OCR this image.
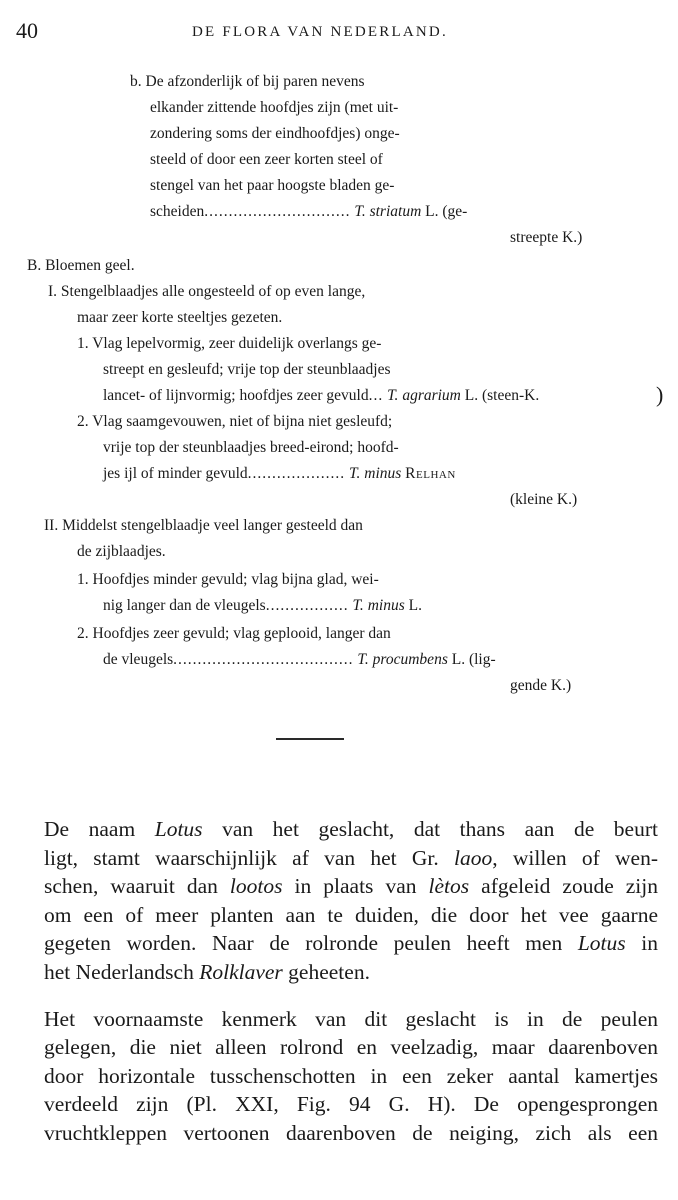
40	DE FLORA VAN NEDERLAND.
b. De afzonderlijk of bij paren nevens
elkander zittende hoofdjes zijn (met uit-
zondering soms der eindhoofdjes) onge-
steeld of door een zeer korten steel of
stengel van het paar hoogste bladen ge-
scheiden.............................. T. striatum L. (ge-
streepte K.)
B. Bloemen geel.
I. Stengelblaadjes alle ongesteeld of op even lange,
maar zeer korte steeltjes gezeten.
1. Vlag lepelvormig, zeer duidelijk overlangs ge-
streept en gesleufd; vrije top der steunblaadjes
lancet- of lijnvormig; hoofdjes zeer gevuld... T. agrarium L. (steen-K.	)
2. Vlag saamgevouwen, niet of bijna niet gesleufd;
vrije top der steunblaadjes breed-eirond; hoofd-
jes ijl of minder gevuld.................... T. minus Relhan
(kleine K.)
II. Middelst stengelblaadje veel langer gesteeld dan
de zijblaadjes.
1. Hoofdjes minder gevuld; vlag bijna glad, wei-
nig langer dan de vleugels................. T. minus L.
2. Hoofdjes zeer gevuld; vlag geplooid, langer dan
de vleugels..................................... T. procumbens L. (lig-
gende K.)
De naam Lotus van het geslacht, dat thans aan de beurt
ligt, stamt waarschijnlijk af van het Gr. laoo, willen of wen-
schen, waaruit dan lootos in plaats van lètos afgeleid zoude zijn
om een of meer planten aan te duiden, die door het vee gaarne
gegeten worden. Naar de rolronde peulen heeft men Lotus in
het Nederlandsch Rolklaver geheeten.
Het voornaamste kenmerk van dit geslacht is in de peulen
gelegen, die niet alleen rolrond en veelzadig, maar daarenboven
door horizontale tusschenschotten in een zeker aantal kamertjes
verdeeld zijn (Pl. XXI, Fig. 94 G. H). De opengesprongen
vruchtkleppen vertoonen daarenboven de neiging, zich als een
